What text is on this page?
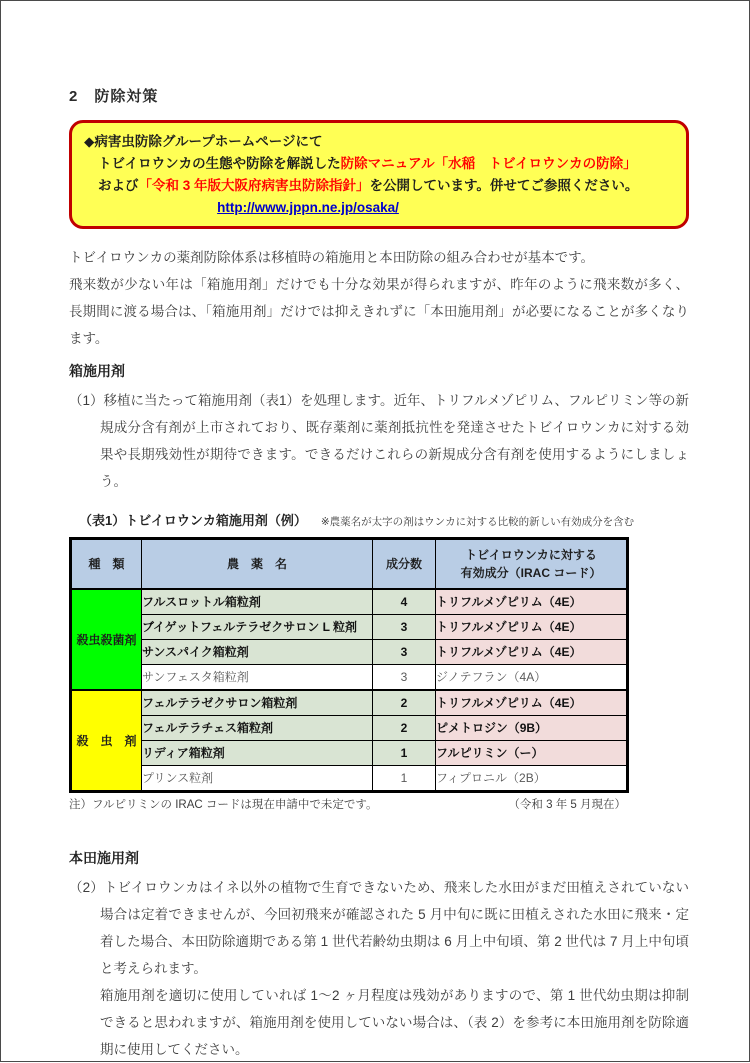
2　防除対策
◆病害虫防除グループホームページにて
トビイロウンカの生態や防除を解説した防除マニュアル「水稲　トビイロウンカの防除」
および「令和 3 年版大阪府病害虫防除指針」を公開しています。併せてご参照ください。
http://www.jppn.ne.jp/osaka/

トビイロウンカの薬剤防除体系は移植時の箱施用と本田防除の組み合わせが基本です。

飛来数が少ない年は「箱施用剤」だけでも十分な効果が得られますが、昨年のように飛来数が多く、長期間に渡る場合は、「箱施用剤」だけでは抑えきれずに「本田施用剤」が必要になることが多くなります。

箱施用剤

（1）移植に当たって箱施用剤（表1）を処理します。近年、トリフルメゾピリム、フルピリミン等の新規成分含有剤が上市されており、既存薬剤に薬剤抵抗性を発達させたトビイロウンカに対する効果や長期残効性が期待できます。できるだけこれらの新規成分含有剤を使用するようにしましょう。

（表1）トビイロウンカ箱施用剤（例） ※農薬名が太字の剤はウンカに対する比較的新しい有効成分を含む
種　類	農　薬　名	成分数	トビイロウンカに対する
有効成分（IRAC コード）
殺虫殺菌剤	フルスロットル箱粒剤	4	トリフルメゾピリム（4E）
	ブイゲットフェルテラゼクサロン L 粒剤	3	トリフルメゾピリム（4E）
	サンスパイク箱粒剤	3	トリフルメゾピリム（4E）
	サンフェスタ箱粒剤	3	ジノテフラン（4A）
殺　虫　剤	フェルテラゼクサロン箱粒剤	2	トリフルメゾピリム（4E）
	フェルテラチェス箱粒剤	2	ピメトロジン（9B）
	リディア箱粒剤	1	フルピリミン（ー）
	プリンス粒剤	1	フィプロニル（2B）
注）フルピリミンの IRAC コードは現在申請中で未定です。	（令和 3 年 5 月現在）
本田施用剤

（2）トビイロウンカはイネ以外の植物で生育できないため、飛来した水田がまだ田植えされていない場合は定着できませんが、今回初飛来が確認された 5 月中旬に既に田植えされた水田に飛来・定着した場合、本田防除適期である第 1 世代若齢幼虫期は 6 月上中旬頃、第 2 世代は 7 月上中旬頃と考えられます。

箱施用剤を適切に使用していれば 1～2 ヶ月程度は残効がありますので、第 1 世代幼虫期は抑制できると思われますが、箱施用剤を使用していない場合は、（表 2）を参考に本田施用剤を防除適期に使用してください。
